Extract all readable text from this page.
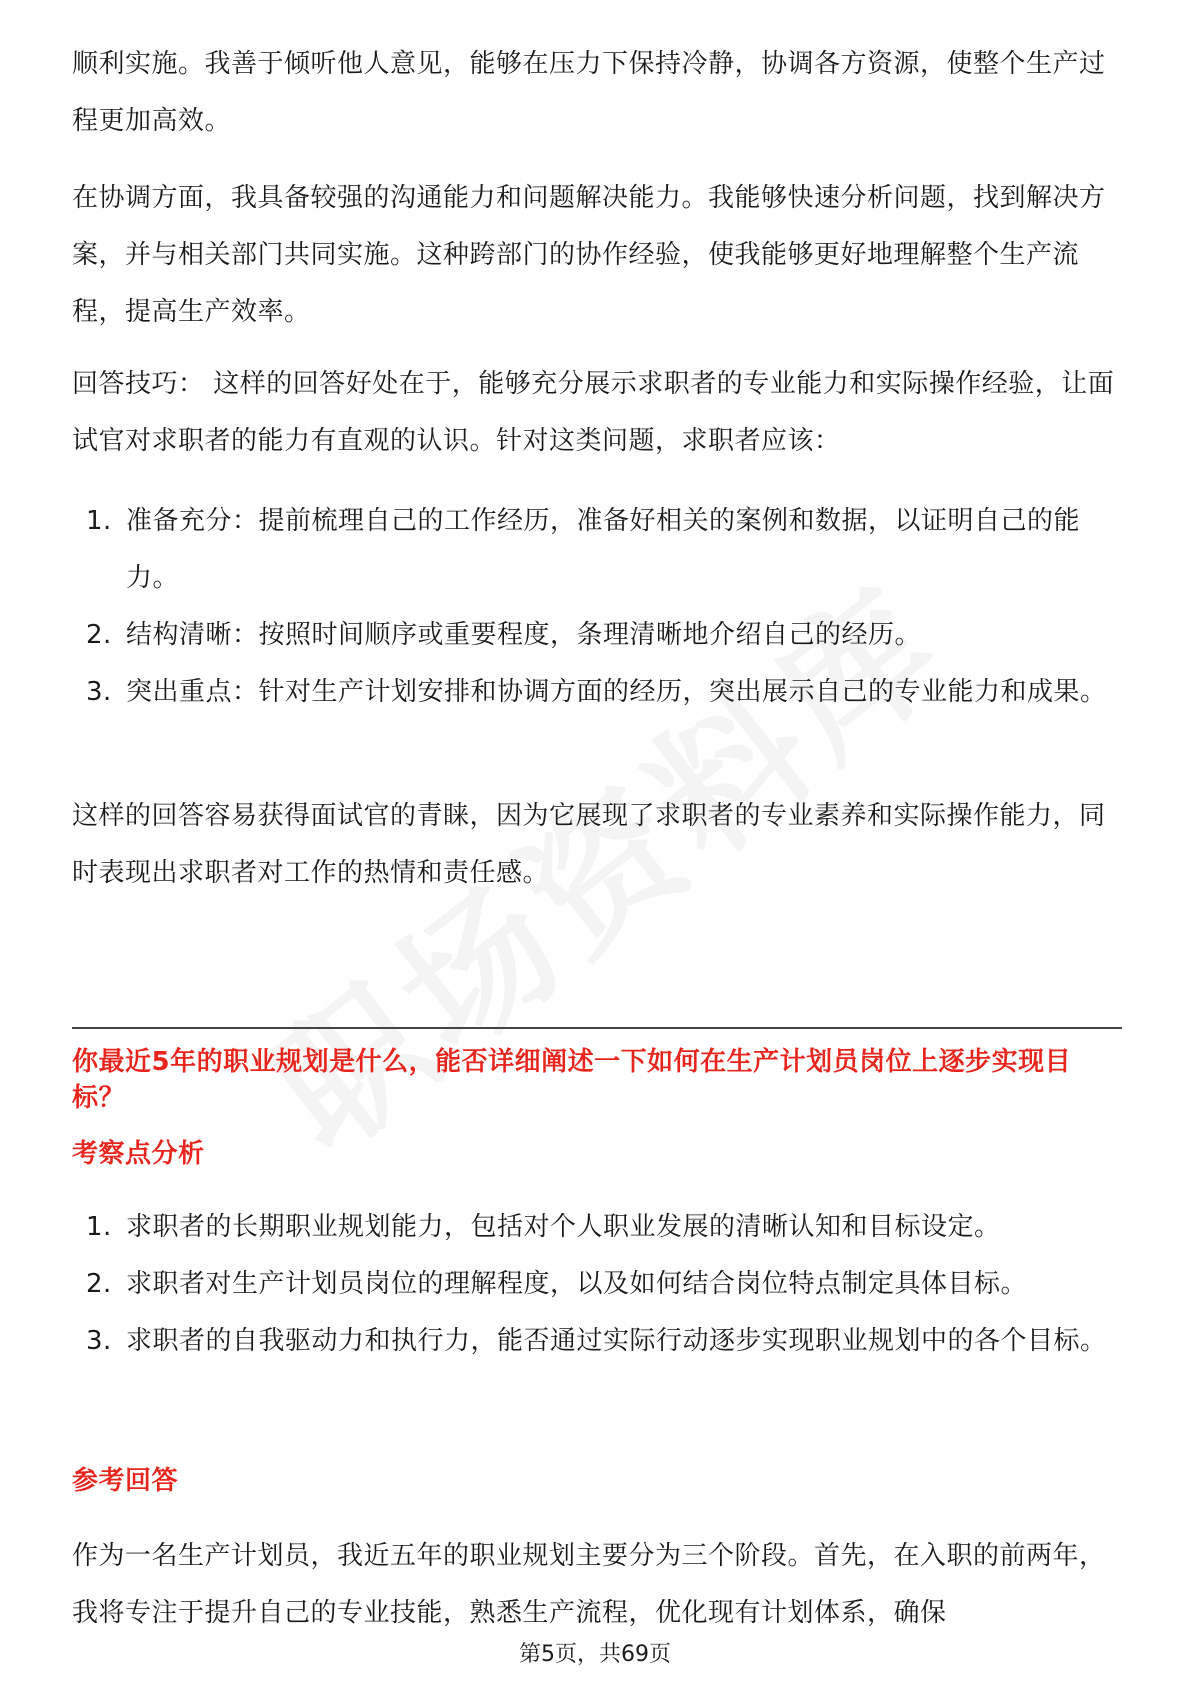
顺利实施。我善于倾听他人意见，能够在压力下保持冷静，协调各方资源，使整个生产过程更加高效。

在协调方面，我具备较强的沟通能力和问题解决能力。我能够快速分析问题，找到解决方案，并与相关部门共同实施。这种跨部门的协作经验，使我能够更好地理解整个生产流程，提高生产效率。

回答技巧： 这样的回答好处在于，能够充分展示求职者的专业能力和实际操作经验，让面试官对求职者的能力有直观的认识。针对这类问题，求职者应该：

1. 准备充分：提前梳理自己的工作经历，准备好相关的案例和数据，以证明自己的能力。
2. 结构清晰：按照时间顺序或重要程度，条理清晰地介绍自己的经历。
3. 突出重点：针对生产计划安排和协调方面的经历，突出展示自己的专业能力和成果。

这样的回答容易获得面试官的青睐，因为它展现了求职者的专业素养和实际操作能力，同时表现出求职者对工作的热情和责任感。

你最近5年的职业规划是什么，能否详细阐述一下如何在生产计划员岗位上逐步实现目标？

考察点分析

1. 求职者的长期职业规划能力，包括对个人职业发展的清晰认知和目标设定。
2. 求职者对生产计划员岗位的理解程度，以及如何结合岗位特点制定具体目标。
3. 求职者的自我驱动力和执行力，能否通过实际行动逐步实现职业规划中的各个目标。

参考回答

作为一名生产计划员，我近五年的职业规划主要分为三个阶段。首先，在入职的前两年，我将专注于提升自己的专业技能，熟悉生产流程，优化现有计划体系，确保

第5页，共69页
